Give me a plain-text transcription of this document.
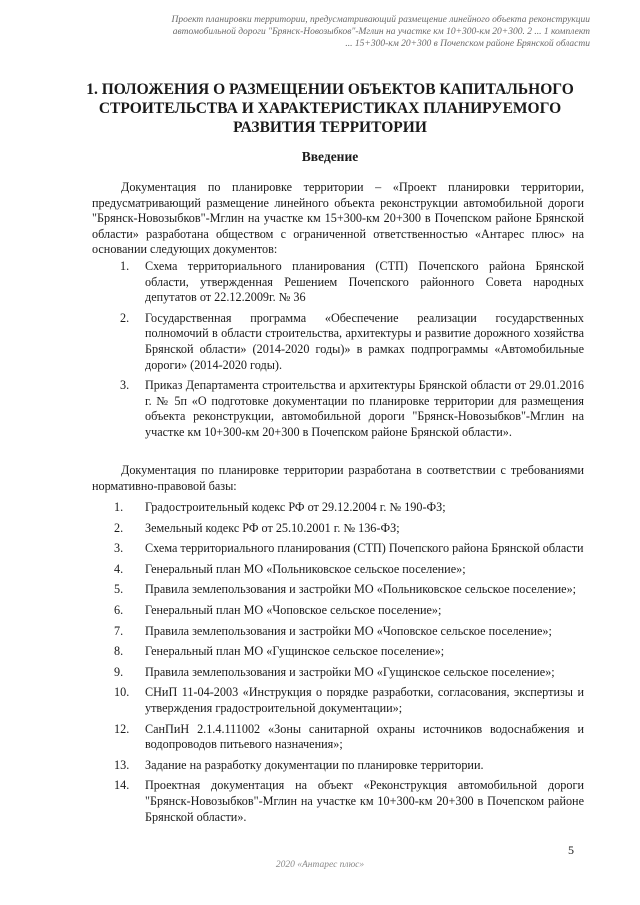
Проект планировки территории, предусматривающий размещение линейного объекта реконструкции
автомобильной дороги "Брянск-Новозыбков"-Мглин на участке км 10+300-км 20+300. 2 ... 1 комплект
... 15+300-км 20+300 в Почепском районе Брянской области
1. ПОЛОЖЕНИЯ О РАЗМЕЩЕНИИ ОБЪЕКТОВ КАПИТАЛЬНОГО СТРОИТЕЛЬСТВА И ХАРАКТЕРИСТИКАХ ПЛАНИРУЕМОГО РАЗВИТИЯ ТЕРРИТОРИИ
Введение
Документация по планировке территории – «Проект планировки территории, предусматривающий размещение линейного объекта реконструкции автомобильной дороги "Брянск-Новозыбков"-Мглин на участке км 15+300-км 20+300 в Почепском районе Брянской области» разработана обществом с ограниченной ответственностью «Антарес плюс» на основании следующих документов:
1.	Схема территориального планирования (СТП) Почепского района Брянской области, утвержденная Решением Почепского районного Совета народных депутатов от 22.12.2009г. № 36
2.	Государственная программа «Обеспечение реализации государственных полномочий в области строительства, архитектуры и развитие дорожного хозяйства Брянской области» (2014-2020 годы)» в рамках подпрограммы «Автомобильные дороги» (2014-2020 годы).
3.	Приказ Департамента строительства и архитектуры Брянской области от 29.01.2016 г. № 5п «О подготовке документации по планировке территории для размещения объекта реконструкции, автомобильной дороги "Брянск-Новозыбков"-Мглин на участке км 10+300-км 20+300 в Почепском районе Брянской области».
Документация по планировке территории разработана в соответствии с требованиями нормативно-правовой базы:
1.	Градостроительный кодекс РФ от 29.12.2004 г. № 190-ФЗ;
2.	Земельный кодекс РФ от 25.10.2001 г. № 136-ФЗ;
3.	Схема территориального планирования (СТП) Почепского района Брянской области
4.	Генеральный план МО «Польниковское сельское поселение»;
5.	Правила землепользования и застройки МО «Польниковское сельское поселение»;
6.	Генеральный план МО «Чоповское сельское поселение»;
7.	Правила землепользования и застройки МО «Чоповское сельское поселение»;
8.	Генеральный план МО «Гущинское сельское поселение»;
9.	Правила землепользования и застройки МО «Гущинское сельское поселение»;
10.	СНиП 11-04-2003 «Инструкция о порядке разработки, согласования, экспертизы и утверждения градостроительной документации»;
12.	СанПиН 2.1.4.111002 «Зоны санитарной охраны источников водоснабжения и водопроводов питьевого назначения»;
13.	Задание на разработку документации по планировке территории.
14.	Проектная документация на объект «Реконструкция автомобильной дороги "Брянск-Новозыбков"-Мглин на участке км 10+300-км 20+300 в Почепском районе Брянской области».
5
2020 «Антарес плюс»
